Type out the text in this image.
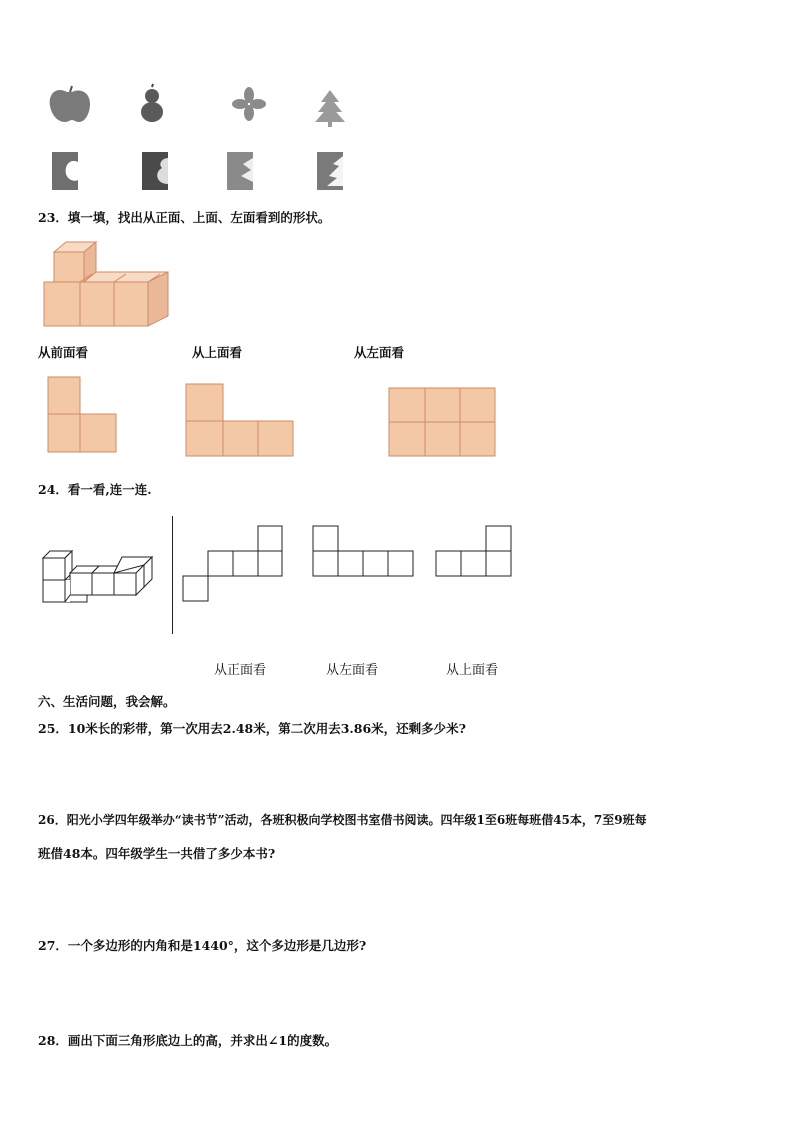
23．填一填，找出从正面、上面、左面看到的形状。
从前面看	从上面看	从左面看
24．看一看,连一连.
从正面看	从左面看	从上面看
六、生活问题，我会解。
25．10米长的彩带，第一次用去2.48米，第二次用去3.86米，还剩多少米?
26．阳光小学四年级举办“读书节”活动，各班积极向学校图书室借书阅读。四年级1至6班每班借45本，7至9班每
班借48本。四年级学生一共借了多少本书?
27．一个多边形的内角和是1440°，这个多边形是几边形?
28．画出下面三角形底边上的高，并求出∠1的度数。
